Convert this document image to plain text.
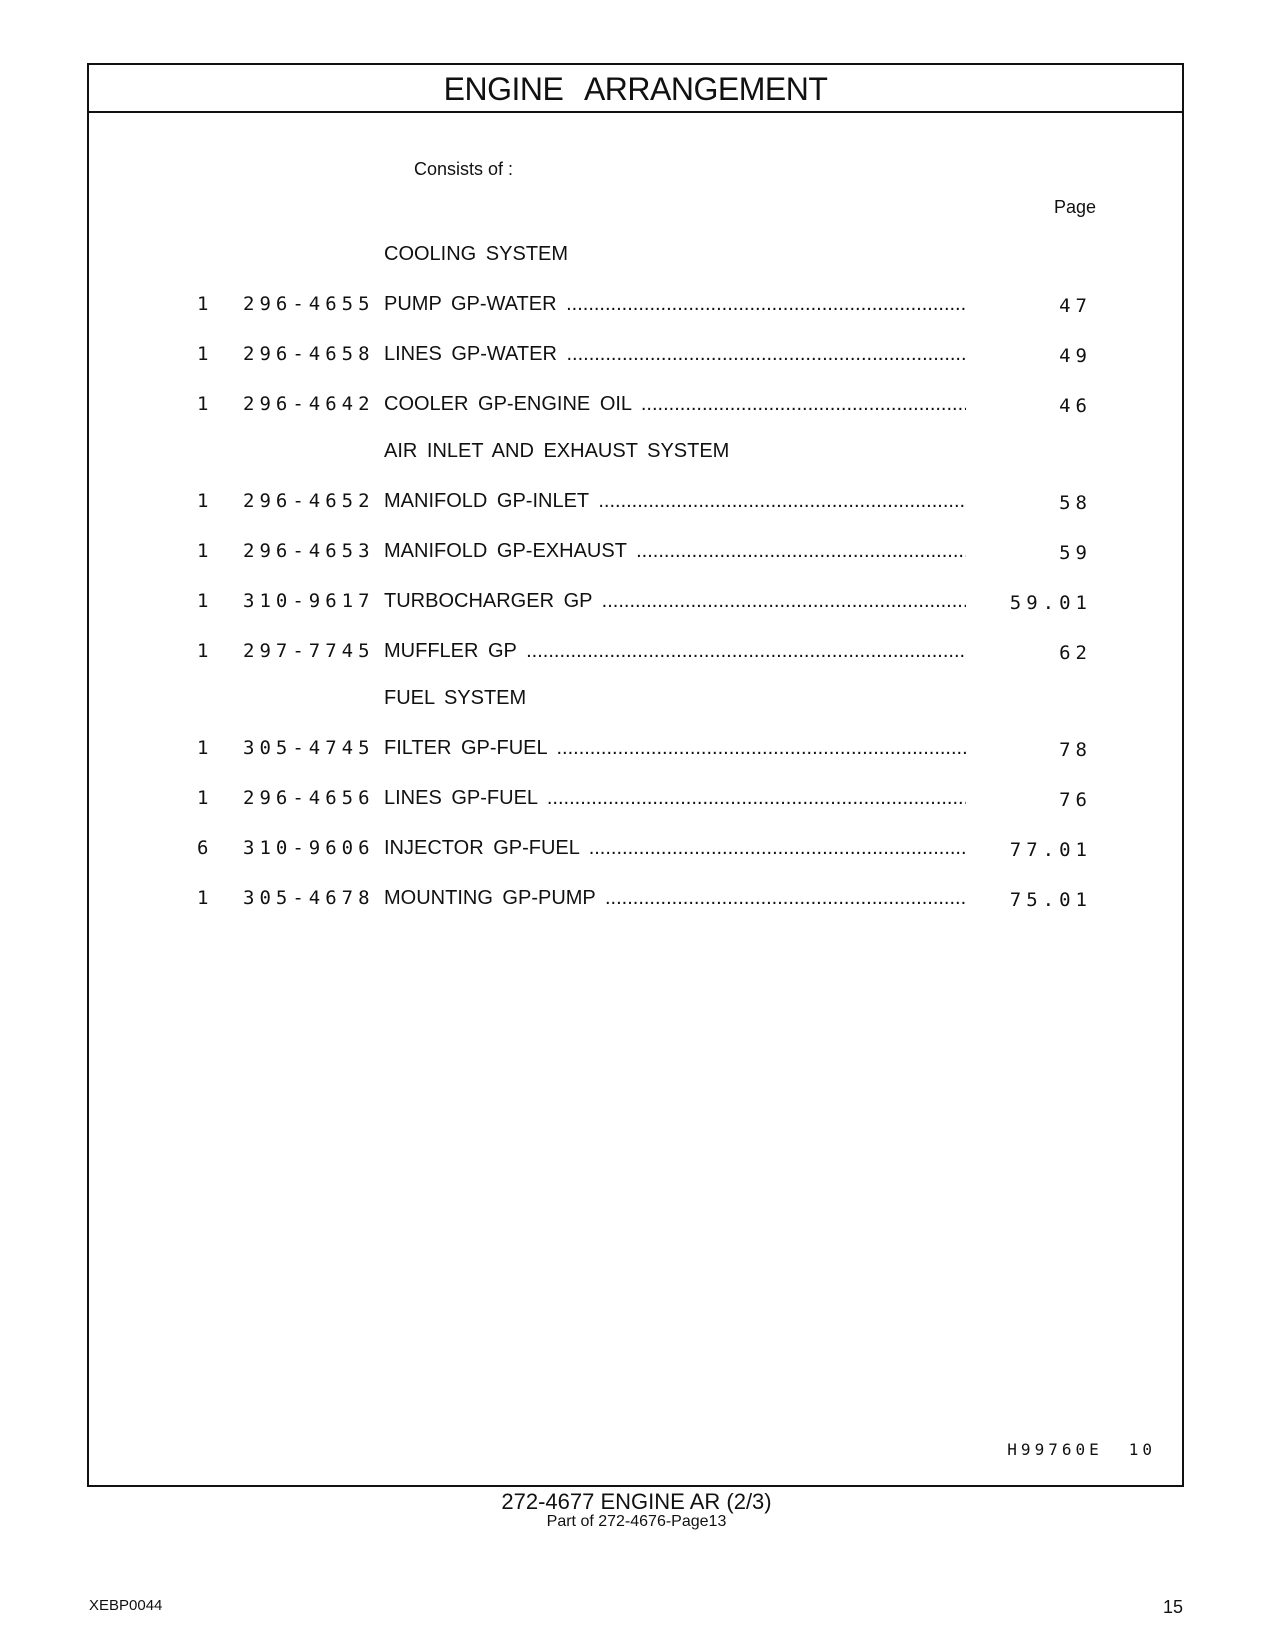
ENGINE ARRANGEMENT
Consists of :
Page
COOLING SYSTEM
1 296-4655 PUMP GP-WATER .....	47
1 296-4658 LINES GP-WATER .....	49
1 296-4642 COOLER GP-ENGINE OIL .....	46
AIR INLET AND EXHAUST SYSTEM
1 296-4652 MANIFOLD GP-INLET .....	58
1 296-4653 MANIFOLD GP-EXHAUST .....	59
1 310-9617 TURBOCHARGER GP .....	59.01
1 297-7745 MUFFLER GP .....	62
FUEL SYSTEM
1 305-4745 FILTER GP-FUEL .....	78
1 296-4656 LINES GP-FUEL .....	76
6 310-9606 INJECTOR GP-FUEL .....	77.01
1 305-4678 MOUNTING GP-PUMP .....	75.01
H99760E 10
272-4677 ENGINE AR (2/3)
Part of 272-4676-Page13
XEBP0044	15
